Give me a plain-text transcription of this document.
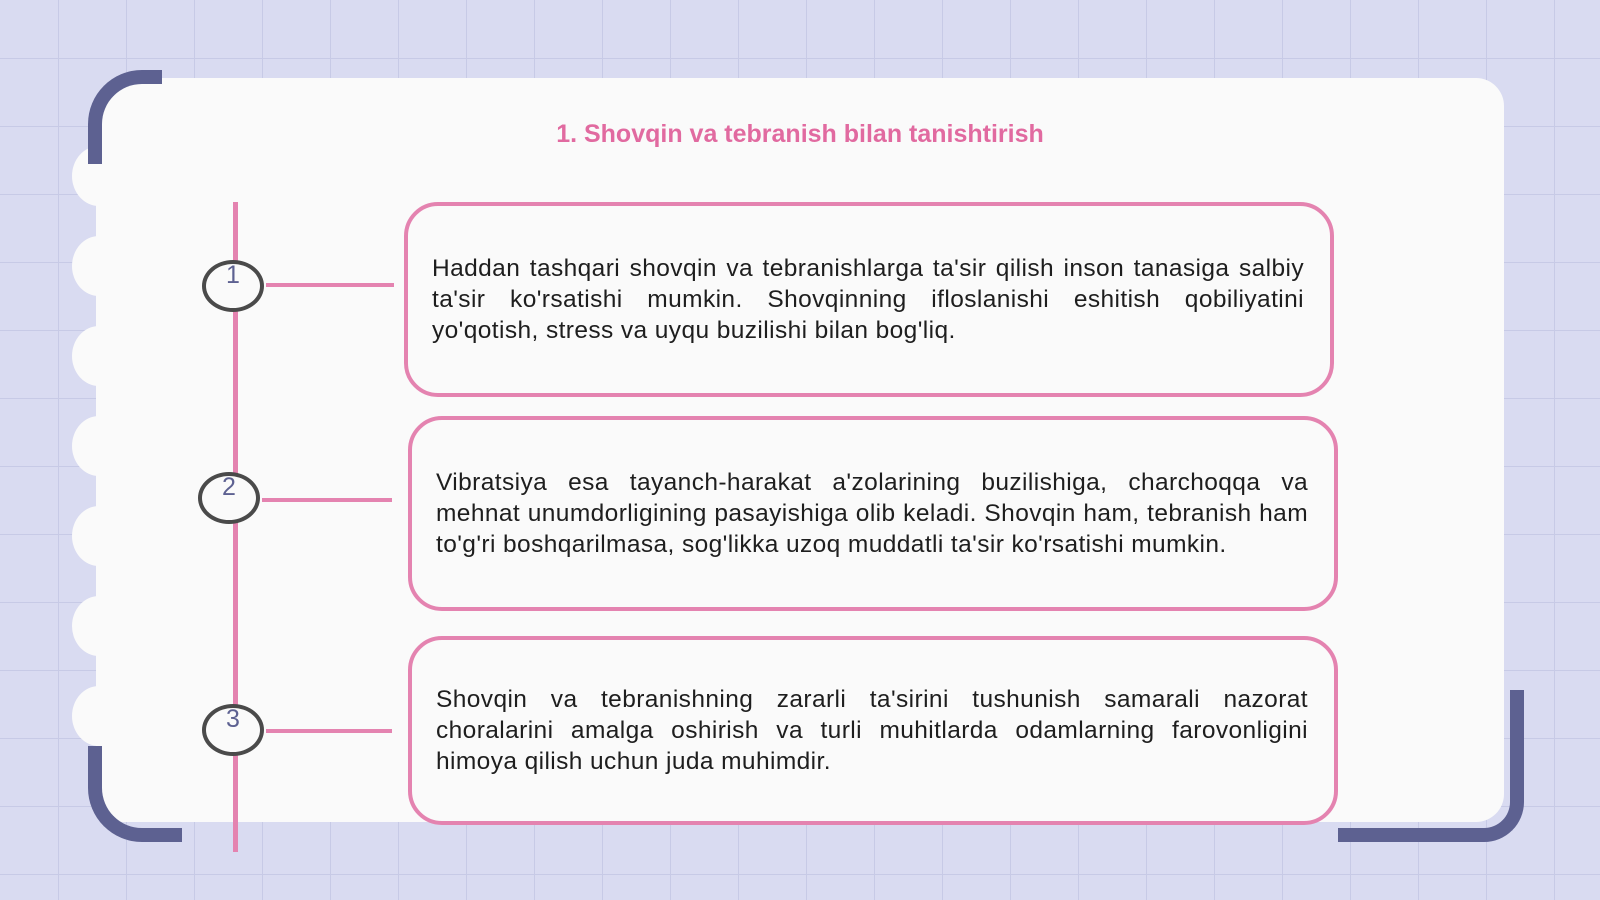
1. Shovqin va tebranish bilan tanishtirish
1
2
3

Haddan tashqari shovqin va tebranishlarga ta'sir qilish inson tanasiga salbiy ta'sir ko'rsatishi mumkin. Shovqinning ifloslanishi eshitish qobiliyatini yo'qotish, stress va uyqu buzilishi bilan bog'liq.

Vibratsiya esa tayanch-harakat a'zolarining buzilishiga, charchoqqa va mehnat unumdorligining pasayishiga olib keladi. Shovqin ham, tebranish ham to'g'ri boshqarilmasa, sog'likka uzoq muddatli ta'sir ko'rsatishi mumkin.

Shovqin va tebranishning zararli ta'sirini tushunish samarali nazorat choralarini amalga oshirish va turli muhitlarda odamlarning farovonligini himoya qilish uchun juda muhimdir.
